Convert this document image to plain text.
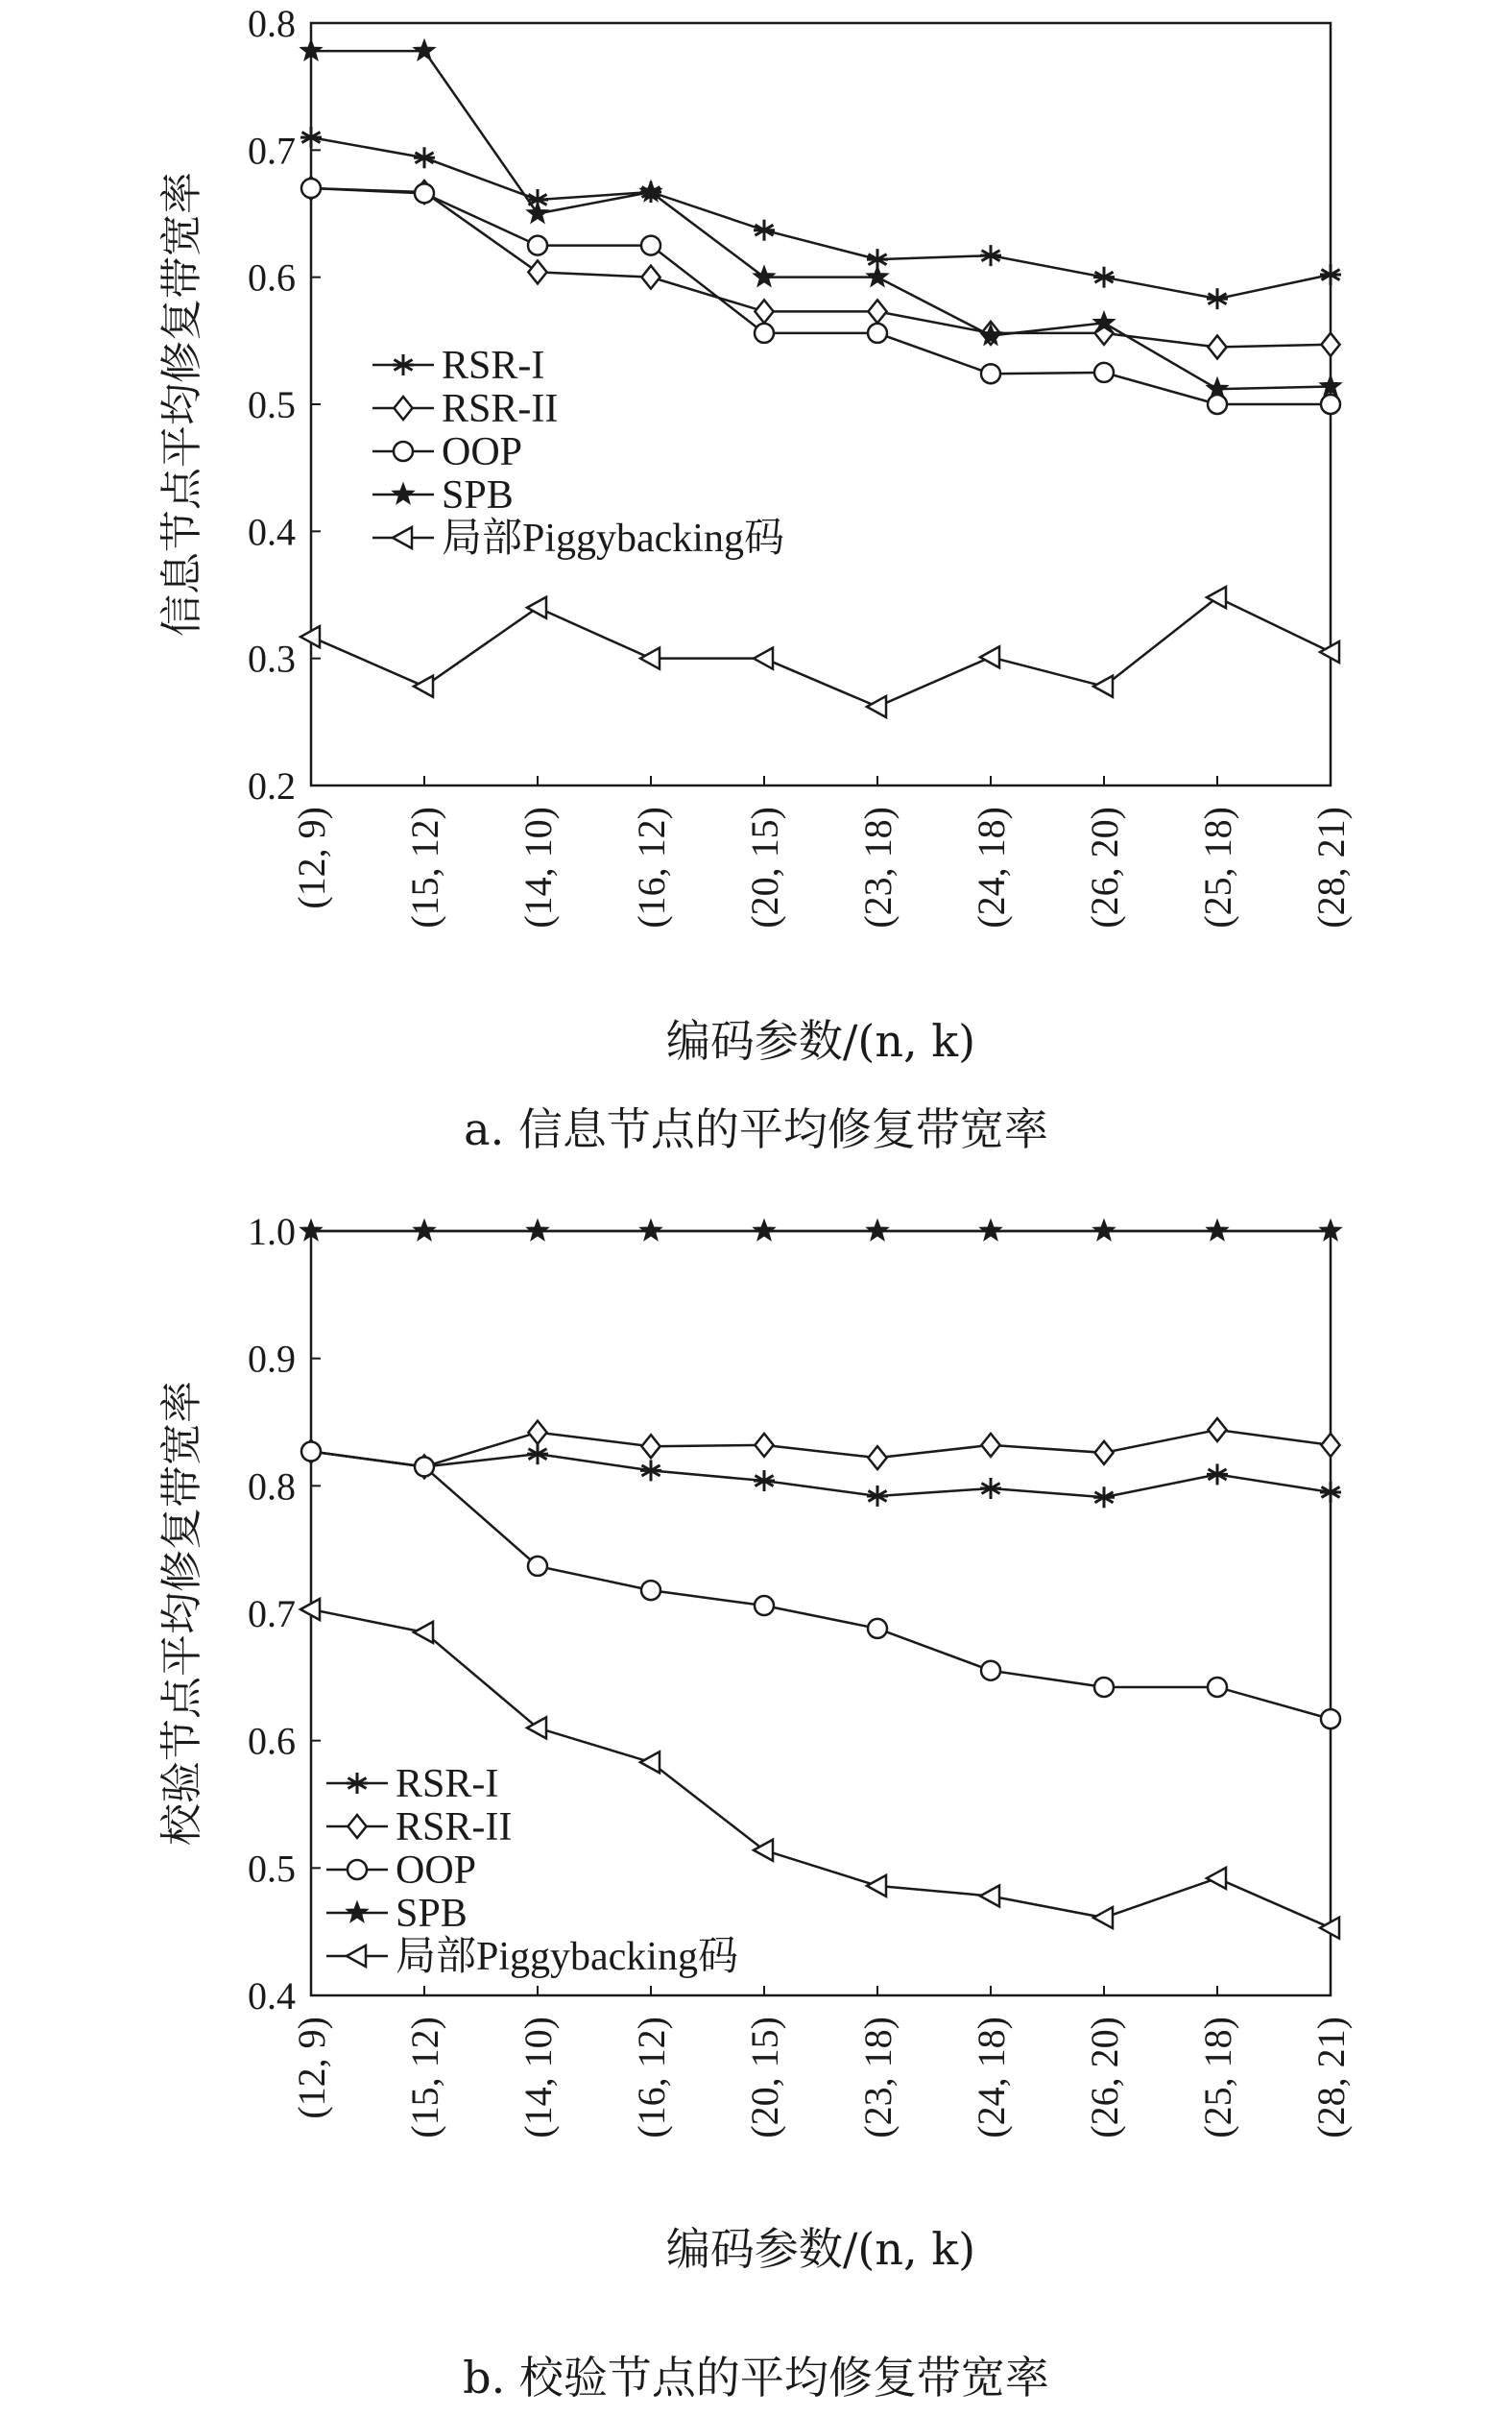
0.2
0.3
0.4
0.5
0.6
0.7
0.8
(12, 9) (15, 12) (14, 10) (16, 12) (20, 15) (23, 18) (24, 18) (26, 20) (25, 18) (28, 21)
信息节点平均修复带宽率
编码参数/(n, k)
RSR-I
RSR-II
OOP
SPB
局部Piggybacking码
a. 信息节点的平均修复带宽率
0.4
0.5
0.6
0.7
0.8
0.9
1.0
(12, 9) (15, 12) (14, 10) (16, 12) (20, 15) (23, 18) (24, 18) (26, 20) (25, 18) (28, 21)
校验节点平均修复带宽率
编码参数/(n, k)
RSR-I
RSR-II
OOP
SPB
局部Piggybacking码
b. 校验节点的平均修复带宽率
